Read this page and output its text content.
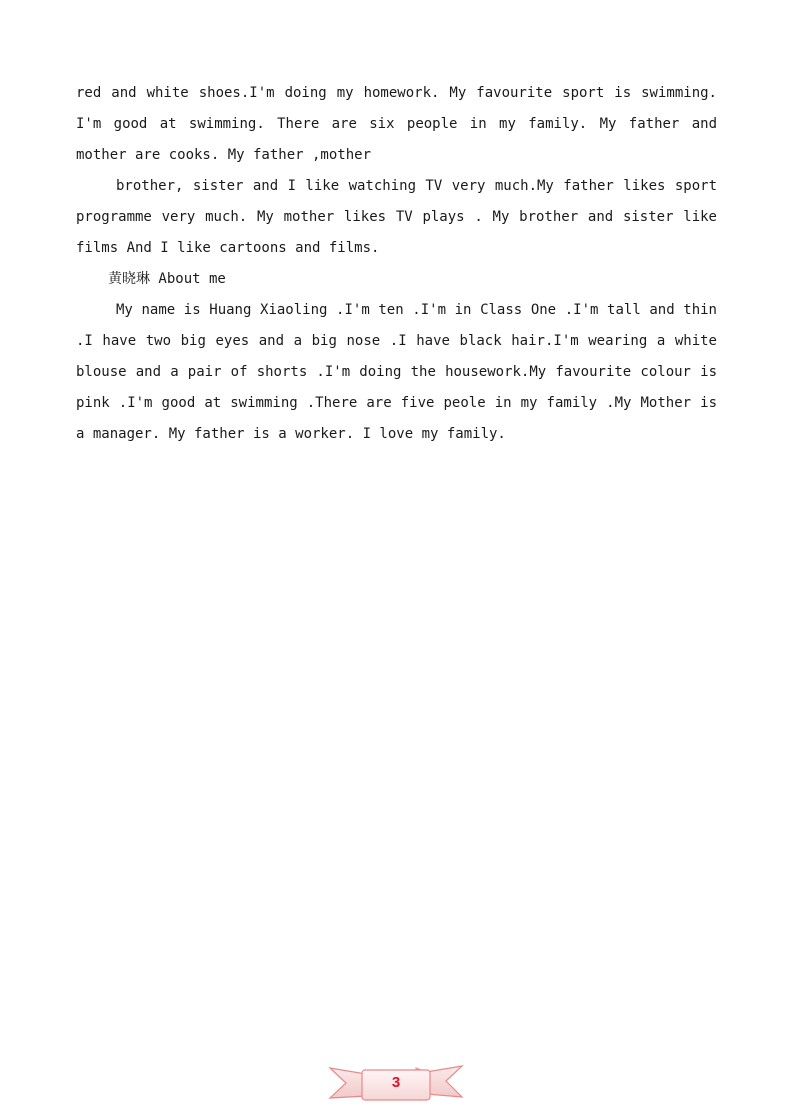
red and white shoes.I'm doing my homework. My favourite sport is swimming. I'm good at swimming. There are six people in my family. My father and mother are cooks. My father ,mother

brother, sister and I like watching TV very much.My father likes sport programme very much. My mother likes TV plays . My brother and sister like films And I like cartoons and films.

黄晓琳 About me

My name is Huang Xiaoling .I'm ten .I'm in Class One .I'm tall and thin .I have two big eyes and a big nose .I have black hair.I'm wearing a white blouse and a pair of shorts .I'm doing the housework.My favourite colour is pink .I'm good at swimming .There are five peole in my family .My Mother is a manager. My father is a worker. I love my family.

3
